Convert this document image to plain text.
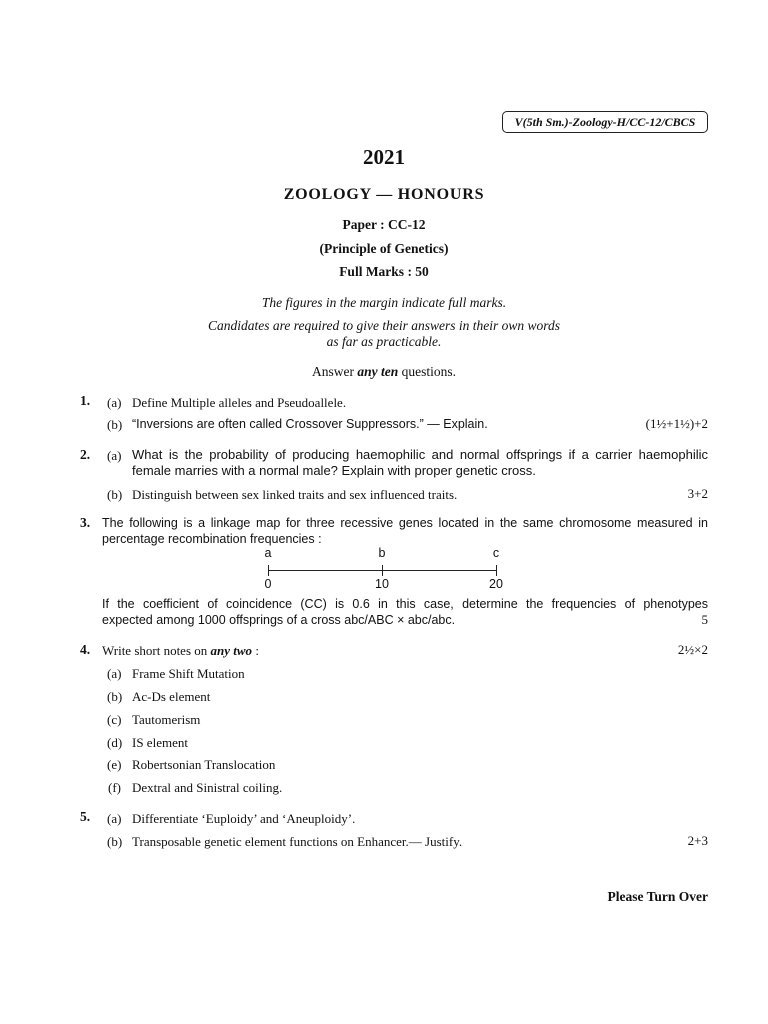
V(5th Sm.)-Zoology-H/CC-12/CBCS
2021
ZOOLOGY — HONOURS
Paper : CC-12
(Principle of Genetics)
Full Marks : 50
The figures in the margin indicate full marks.
Candidates are required to give their answers in their own words
as far as practicable.
Answer any ten questions.
1. (a) Define Multiple alleles and Pseudoallele.
(b) “Inversions are often called Crossover Suppressors.” — Explain.	(1½+1½)+2
2. (a) What is the probability of producing haemophilic and normal offsprings if a carrier haemophilic
female marries with a normal male? Explain with proper genetic cross.
(b) Distinguish between sex linked traits and sex influenced traits.	3+2
3. The following is a linkage map for three recessive genes located in the same chromosome measured in
percentage recombination frequencies :
a	b	c
0	10	20
If the coefficient of coincidence (CC) is 0.6 in this case, determine the frequencies of phenotypes
expected among 1000 offsprings of a cross abc/ABC × abc/abc.	5
4. Write short notes on any two :	2½×2
(a) Frame Shift Mutation
(b) Ac-Ds element
(c) Tautomerism
(d) IS element
(e) Robertsonian Translocation
(f) Dextral and Sinistral coiling.
5. (a) Differentiate ‘Euploidy’ and ‘Aneuploidy’.
(b) Transposable genetic element functions on Enhancer.— Justify.	2+3
Please Turn Over
